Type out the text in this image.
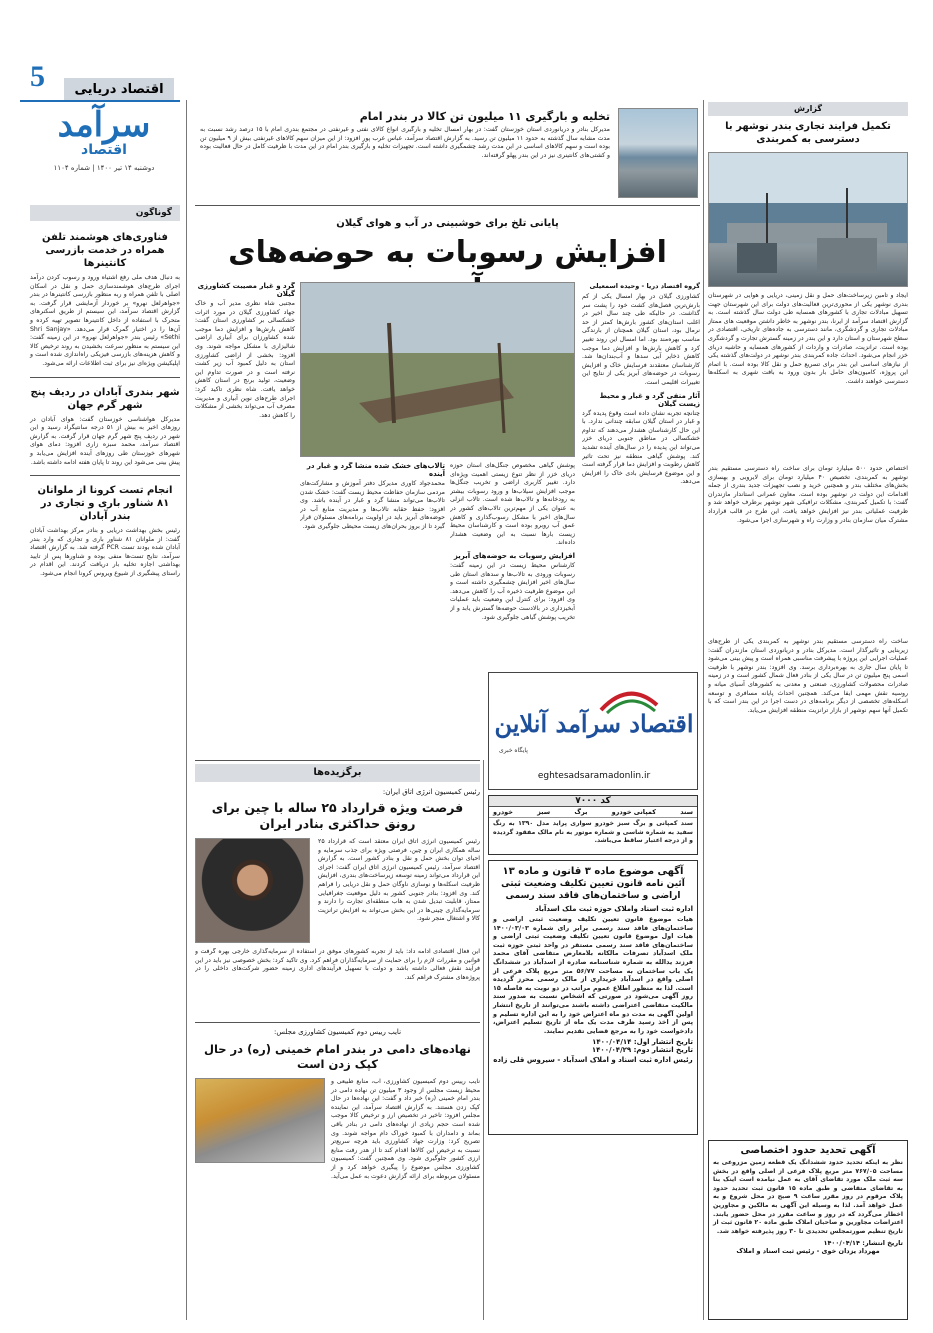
5	اقتصاد دریایی
سرآمد
اقتصاد
دوشنبه ۱۴ تیر ۱۴۰۰ | شماره ۱۱۰۴
گوناگون
فناوری‌های هوشمند تلفن همراه در خدمت بازرسی کانتینرها
به دنبال هدف ملی رفع اشتیاه ورود و رسوب کردن درآمد اجرای طرح‌های هوشمندسازی حمل و نقل در اسکان اصلی با تلفن همراه و ربه منظور بازرسی کانتینرها در بندر «جواهرلعل نهرو» بر خوردار آزمایشی قرار گرفت. به گزارش اقتصاد سرآمد، این سیستم از طریق اسکنرهای متحرک با استفاده از داخل کانتینرها تصویر تهیه کرده و آن‌ها را در اختیار گمرک قرار می‌دهد. «Shri Sanjay Sethi» رئیس بندر «جواهرلعل نهرو» در این زمینه گفت: این سیستم به منظور سرعت بخشیدن به روند ترخیص کالا و کاهش هزینه‌های بازرسی فیزیکی راه‌اندازی شده است و اپلیکیشن ویژه‌ای نیز برای ثبت اطلاعات ارائه می‌شود.
شهر بندری آبادان در ردیف پنج شهر گرم جهان
مدیرکل هواشناسی خوزستان گفت: هوای آبادان در روزهای اخیر به بیش از ۵۱ درجه سانتیگراد رسید و این شهر در ردیف پنج شهر گرم جهان قرار گرفت. به گزارش اقتصاد سرآمد، محمد سبزه زاری افزود: دمای هوای شهرهای خوزستان طی روزهای آینده افزایش می‌یابد و پیش بینی می‌شود این روند تا پایان هفته ادامه داشته باشد.
انجام تست کرونا از ملوانان ۸۱ شناور باری و تجاری در بندر آبادان
رئیس بخش بهداشت دریایی و بنادر مرکز بهداشت آبادان گفت: از ملوانان ۸۱ شناور باری و تجاری که وارد بندر آبادان شده بودند تست PCR گرفته شد. به گزارش اقتصاد سرآمد، نتایج تست‌ها منفی بوده و شناورها پس از تایید بهداشتی اجازه تخلیه بار دریافت کردند. این اقدام در راستای پیشگیری از شیوع ویروس کرونا انجام می‌شود.
تخلیه و بارگیری ۱۱ میلیون تن کالا در بندر امام
مدیرکل بنادر و دریانوردی استان خوزستان گفت: در بهار امسال تخلیه و بارگیری انواع کالای نفتی و غیرنفتی در مجتمع بندری امام با ۱۵ درصد رشد نسبت به مدت مشابه سال گذشته به حدود ۱۱ میلیون تن رسید. به گزارش اقتصاد سرآمد، عباس عرب پور افزود: از این میزان سهم کالاهای غیرنفتی بیش از ۹ میلیون تن بوده است و سهم کالاهای اساسی در این مدت رشد چشمگیری داشته است. تجهیزات تخلیه و بارگیری بندر امام در این مدت با ظرفیت کامل در حال فعالیت بوده و کشتی‌های کانتینری نیز در این بندر پهلو گرفته‌اند.
پایانی تلخ برای خوشبینی در آب و هوای گیلان
افزایش رسوبات به حوضه‌های
گروه اقتصاد دریا - وحیده اسمعیلی
کشاورزی گیلان در بهار امسال یکی از کم بارش‌ترین فصل‌های کشت خود را پشت سر گذاشت. در حالیکه طی چند سال اخیر در اغلب استان‌های کشور بارش‌ها کمتر از حد نرمال بود، استان گیلان همچنان از بارندگی مناسب بهره‌مند بود. اما امسال این روند تغییر کرد و کاهش بارش‌ها و افزایش دما موجب کاهش ذخایر آبی سدها و آب‌بندان‌ها شد. کارشناسان معتقدند فرسایش خاک و افزایش رسوبات در حوضه‌های آبریز یکی از نتایج این تغییرات اقلیمی است.
آثار منفی گرد و غبار و محیط زیست گیلان
چنانچه تجربه نشان داده است وقوع پدیده گرد و غبار در استان گیلان سابقه چندانی ندارد. با این حال کارشناسان هشدار می‌دهند که تداوم خشکسالی در مناطق جنوبی دریای خزر می‌تواند این پدیده را در سال‌های آینده تشدید کند. پوشش گیاهی منطقه نیز تحت تاثیر کاهش رطوبت و افزایش دما قرار گرفته است و این موضوع فرسایش بادی خاک را افزایش می‌دهد.
پوشش گیاهی مخصوص جنگل‌های استان حوزه دریای خزر از نظر تنوع زیستی اهمیت ویژه‌ای دارد. تغییر کاربری اراضی و تخریب جنگل‌ها موجب افزایش سیلاب‌ها و ورود رسوبات بیشتر به رودخانه‌ها و تالاب‌ها شده است. تالاب انزلی به عنوان یکی از مهم‌ترین تالاب‌های کشور در سال‌های اخیر با مشکل رسوب‌گذاری و کاهش عمق آب روبرو بوده است و کارشناسان محیط زیست بارها نسبت به این وضعیت هشدار داده‌اند.
افزایش رسوبات به حوضه‌های آبریز
کارشناس محیط زیست در این زمینه گفت: رسوبات ورودی به تالاب‌ها و سدهای استان طی سال‌های اخیر افزایش چشمگیری داشته است و این موضوع ظرفیت ذخیره آب را کاهش می‌دهد. وی افزود: برای کنترل این وضعیت باید عملیات آبخیزداری در بالادست حوضه‌ها گسترش یابد و از تخریب پوشش گیاهی جلوگیری شود.
گرد و غبار مصیبت کشاورزی گیلان
مجتبی شاه نظری مدیر آب و خاک جهاد کشاورزی گیلان در مورد اثرات خشکسالی بر کشاورزی استان گفت: کاهش بارش‌ها و افزایش دما موجب شده کشاورزان برای آبیاری اراضی شالیزاری با مشکل مواجه شوند. وی افزود: بخشی از اراضی کشاورزی استان به دلیل کمبود آب زیر کشت نرفته است و در صورت تداوم این وضعیت، تولید برنج در استان کاهش خواهد یافت. شاه نظری تاکید کرد: اجرای طرح‌های نوین آبیاری و مدیریت مصرف آب می‌تواند بخشی از مشکلات را کاهش دهد.
تالاب‌های خشک شده منشا گرد و غبار در آینده
محمدجواد کاوری مدیرکل دفتر آموزش و مشارکت‌های مردمی سازمان حفاظت محیط زیست گفت: خشک شدن تالاب‌ها می‌تواند منشا گرد و غبار در آینده باشد. وی افزود: حفظ حقابه تالاب‌ها و مدیریت منابع آب در حوضه‌های آبریز باید در اولویت برنامه‌های مسئولان قرار گیرد تا از بروز بحران‌های زیست محیطی جلوگیری شود.
برگزیده‌ها
رئیس کمیسیون انرژی اتاق ایران:
فرصت ویژه قرارداد ۲۵ ساله با چین برای رونق حداکثری بنادر ایران
رئیس کمیسیون انرژی اتاق ایران معتقد است که قرارداد ۲۵ ساله همکاری ایران و چین، فرصتی ویژه برای جذب سرمایه و احیای توان بخش حمل و نقل و بنادر کشور است. به گزارش اقتصاد سرآمد، رئیس کمیسیون انرژی اتاق ایران گفت: اجرای این قرارداد می‌تواند زمینه توسعه زیرساخت‌های بندری، افزایش ظرفیت اسکله‌ها و نوسازی ناوگان حمل و نقل دریایی را فراهم کند. وی افزود: بنادر جنوبی کشور به دلیل موقعیت جغرافیایی ممتاز، قابلیت تبدیل شدن به هاب منطقه‌ای تجارت را دارند و سرمایه‌گذاری چینی‌ها در این بخش می‌تواند به افزایش ترانزیت کالا و اشتغال منجر شود.
این فعال اقتصادی ادامه داد: باید از تجربه کشورهای موفق در استفاده از سرمایه‌گذاری خارجی بهره گرفت و قوانین و مقررات لازم را برای حمایت از سرمایه‌گذاران فراهم کرد. وی تاکید کرد: بخش خصوصی نیز باید در این فرآیند نقش فعالی داشته باشد و دولت با تسهیل فرآیندهای اداری زمینه حضور شرکت‌های داخلی را در پروژه‌های مشترک فراهم کند.
نایب رییس دوم کمیسیون کشاورزی مجلس:
نهاده‌های دامی در بندر امام خمینی (ره) در حال کپک زدن است
نایب رییس دوم کمیسیون کشاورزی، آب، منابع طبیعی و محیط زیست مجلس از وجود ۳ میلیون تن نهاده دامی در بندر امام خمینی (ره) خبر داد و گفت: این نهاده‌ها در حال کپک زدن هستند. به گزارش اقتصاد سرآمد، این نماینده مجلس افزود: تاخیر در تخصیص ارز و ترخیص کالا موجب شده است حجم زیادی از نهاده‌های دامی در بنادر باقی بماند و دامداران با کمبود خوراک دام مواجه شوند. وی تصریح کرد: وزارت جهاد کشاورزی باید هرچه سریع‌تر نسبت به ترخیص این کالاها اقدام کند تا از هدر رفت منابع ارزی کشور جلوگیری شود. وی همچنین گفت: کمیسیون کشاورزی مجلس موضوع را پیگیری خواهد کرد و از مسئولان مربوطه برای ارائه گزارش دعوت به عمل می‌آید.
اقتصاد سرآمد آنلاین
پایگاه خبری
eghtesadsaramadonlin.ir
کد ۷۰۰۰
سند
کمپانی خودرو
برگ
سبز
خودرو
سند کمپانی و برگ سبز خودرو سواری پراید مدل ۱۳۹۰ به رنگ سفید به شماره شاسی و شماره موتور به نام مالک مفقود گردیده و از درجه اعتبار ساقط می‌باشد.
آگهی موضوع ماده ۳ قانون و ماده ۱۳
آئین نامه قانون تعیین تکلیف وضعیت ثبتی اراضی و ساختمان‌های فاقد سند رسمی
اداره ثبت اسناد واملاک حوزه ثبت ملک اسدآباد
هیات موضوع قانون تعیین تکلیف وضعیت ثبتی اراضی و ساختمان‌های فاقد سند رسمی برابر رای شماره ۱۴۰۰/۰۳/۰۳ هیات اول موضوع قانون تعیین تکلیف وضعیت ثبتی اراضی و ساختمان‌های فاقد سند رسمی مستقر در واحد ثبتی حوزه ثبت ملک اسدآباد تصرفات مالکانه بلامعارض متقاضی آقای محمد فرزند یدالله به شماره شناسنامه صادره از اسدآباد در ششدانگ یک باب ساختمان به مساحت ۵۶/۷۷ متر مربع پلاک فرعی از اصلی واقع در اسدآباد خریداری از مالک رسمی محرز گردیده است. لذا به منظور اطلاع عموم مراتب در دو نوبت به فاصله ۱۵ روز آگهی می‌شود در صورتی که اشخاص نسبت به صدور سند مالکیت متقاضی اعتراضی داشته باشند می‌توانند از تاریخ انتشار اولین آگهی به مدت دو ماه اعتراض خود را به این اداره تسلیم و پس از اخذ رسید ظرف مدت یک ماه از تاریخ تسلیم اعتراض، دادخواست خود را به مرجع قضایی تقدیم نمایند.
تاریخ انتشار اول: ۱۴۰۰/۰۴/۱۴
تاریخ انتشار دوم: ۱۴۰۰/۰۴/۲۹
رئیس اداره ثبت اسناد و املاک اسدآباد - سیروس قلی زاده
گزارش
تکمیل فرایند تجاری بندر نوشهر با دسترسی به کمربندی
ایجاد و تامین زیرساخت‌های حمل و نقل زمینی، دریایی و هوایی در شهرستان بندری نوشهر یکی از محوری‌ترین فعالیت‌های دولت برای این شهرستان جهت تسهیل مبادلات تجاری با کشورهای همسایه طی دولت سال گذشته است. به گزارش اقتصاد سرآمد از ایرنا، بندر نوشهر به خاطر داشتن موقعیت های ممتاز مبادلات تجاری و گردشگری، مانند دسترسی به جاده‌های تاریخی، اقتصادی در سطح شهرستان و استان دارد و این بندر در زمینه گسترش تجارت و گردشگری بوده است. ترانزیت، صادرات و واردات از کشورهای همسایه و حاشیه دریای خزر انجام می‌شود. احداث جاده کمربندی بندر نوشهر در دولت‌های گذشته یکی از نیازهای اساسی این بندر برای تسریع حمل و نقل کالا بوده است. با اتمام این پروژه، کامیون‌های حامل بار بدون ورود به بافت شهری به اسکله‌ها دسترسی خواهند داشت.
اختصاص حدود ۵۰۰ میلیارد تومان برای ساخت راه دسترسی مستقیم بندر نوشهر به کمربندی، تخصیص ۴۰ میلیارد تومان برای لایروبی و بهسازی بخش‌های مختلف بندر و همچنین خرید و نصب تجهیزات جدید بندری از جمله اقدامات این دولت در نوشهر بوده است. معاون عمرانی استاندار مازندران گفت: با تکمیل کمربندی، مشکلات ترافیکی شهر نوشهر برطرف خواهد شد و ظرفیت عملیاتی بندر نیز افزایش خواهد یافت. این طرح در قالب قرارداد مشترک میان سازمان بنادر و وزارت راه و شهرسازی اجرا می‌شود.
ساخت راه دسترسی مستقیم بندر نوشهر به کمربندی یکی از طرح‌های زیربنایی و تاثیرگذار است. مدیرکل بنادر و دریانوردی استان مازندران گفت: عملیات اجرایی این پروژه با پیشرفت مناسبی همراه است و پیش بینی می‌شود تا پایان سال جاری به بهره‌برداری برسد. وی افزود: بندر نوشهر با ظرفیت اسمی پنج میلیون تن در سال یکی از بنادر فعال شمال کشور است و در زمینه صادرات محصولات کشاورزی، صنعتی و معدنی به کشورهای آسیای میانه و روسیه نقش مهمی ایفا می‌کند. همچنین احداث پایانه مسافری و توسعه اسکله‌های تخصصی از دیگر برنامه‌های در دست اجرا در این بندر است که با تکمیل آنها سهم نوشهر از بازار ترانزیت منطقه افزایش می‌یابد.
آگهی تحدید حدود اختصاصی
نظر به اینکه تحدید حدود ششدانگ یک قطعه زمین مزروعی به مساحت ۷۶۷/۰۵ متر مربع پلاک فرعی از اصلی واقع در بخش سه ثبت ملک مورد تقاضای آقای به عمل نیامده است اینک بنا به تقاضای متقاضی و طبق ماده ۱۵ قانون ثبت تحدید حدود پلاک مرقوم در روز مقرر ساعت ۹ صبح در محل شروع و به عمل خواهد آمد. لذا به وسیله این آگهی به مالکین و مجاورین اخطار می‌گردد که در روز و ساعت مقرر در محل حضور یابند. اعتراضات مجاورین و صاحبان املاک طبق ماده ۲۰ قانون ثبت از تاریخ تنظیم صورتمجلس تحدیدی تا ۳۰ روز پذیرفته خواهد شد.
تاریخ انتشار: ۱۴۰۰/۰۴/۱۴
مهرداد یزدان خوی - رئیس ثبت اسناد و املاک
